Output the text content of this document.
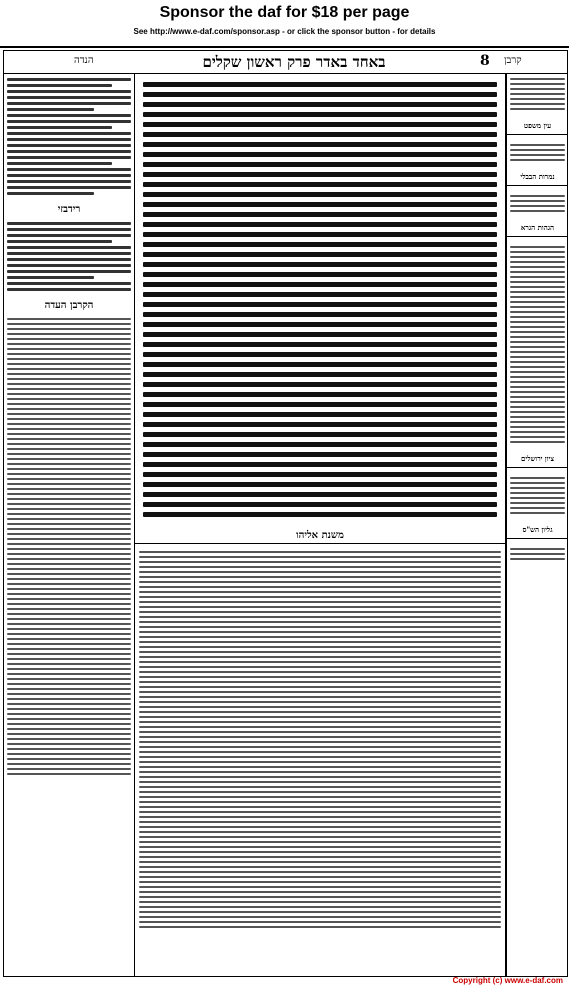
Sponsor the daf for $18 per page
See http://www.e-daf.com/sponsor.asp - or click the sponsor button - for details
הנדה	באחד באדר פרק ראשון שקלים	קרבן
8
רידבזי
הקרבן העדה
משנת אליהו
עין משפט
נמרות הבבלי
הגהות הגרא
ציון ירושלים
גליון הש"ס
Copyright (c) www.e-daf.com
